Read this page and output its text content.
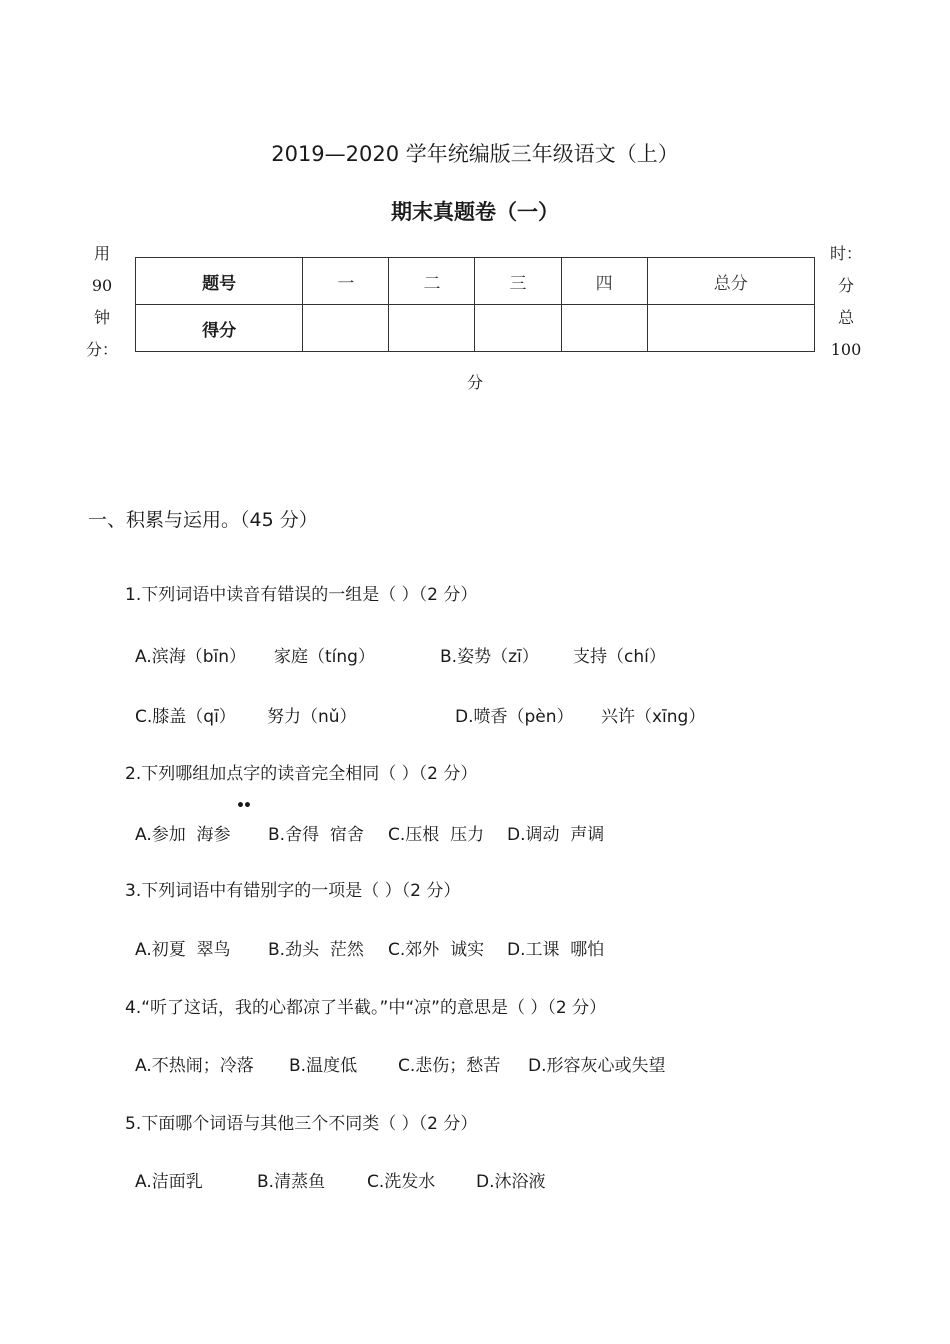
2019—2020 学年统编版三年级语文（上）
期末真题卷（一）
用
90
钟
分：
时：
分
总
100
分
题号	一	二	三	四	总分
得分					
一、积累与运用。（45 分）
1.下列词语中读音有错误的一组是（ ）（2 分）
A.滨海（bīn） 家庭（tíng）	B.姿势（zī） 支持（chí）
C.膝盖（qī） 努力（nǔ）	D.喷香（pèn） 兴许（xīng）
2.下列哪组加点字的读音完全相同（ ）（2 分）
••
A.参加  海参 B.舍得  宿舍 C.压根  压力 D.调动  声调
3.下列词语中有错别字的一项是（ ）（2 分）
A.初夏  翠鸟 B.劲头  茫然 C.郊外  诚实 D.工课  哪怕
4.“听了这话，我的心都凉了半截。”中“凉”的意思是（ ）（2 分）
A.不热闹；冷落 B.温度低 C.悲伤；愁苦 D.形容灰心或失望
5.下面哪个词语与其他三个不同类（ ）（2 分）
A.洁面乳	B.清蒸鱼 C.洗发水 D.沐浴液
